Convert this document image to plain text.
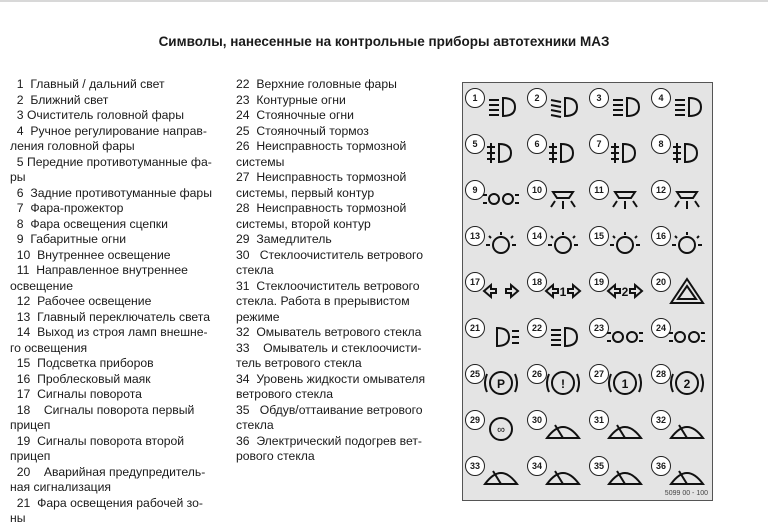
Символы, нанесенные на контрольные приборы автотехники МАЗ

1  Главный / дальний свет

2  Ближний свет

3 Очиститель головной фары

4  Ручное регулирование направ-
ления головной фары

5 Передние противотуманные фа-
ры

6  Задние противотуманные фары

7  Фара-прожектор

8  Фара освещения сцепки

9  Габаритные огни

10  Внутреннее освещение

11  Направленное внутреннее
освещение

12  Рабочее освещение

13  Главный переключатель света

14  Выход из строя ламп внешне-
го освещения

15  Подсветка приборов

16  Проблесковый маяк

17  Сигналы поворота

18    Сигналы поворота первый
прицеп

19  Сигналы поворота второй
прицеп

20    Аварийная предупредитель-
ная сигнализация

21  Фара освещения рабочей зо-
ны

22  Верхние головные фары

23  Контурные огни

24  Стояночные огни

25  Стояночный тормоз

26  Неисправность тормозной
системы

27  Неисправность тормозной
системы, первый контур

28  Неисправность тормозной
системы, второй контур

29  Замедлитель

30   Стеклоочиститель ветрового
стекла

31  Стеклоочиститель ветрового
стекла. Работа в прерывистом
режиме

32  Омыватель ветрового стекла

33    Омыватель и стеклоочисти-
тель ветрового стекла

34  Уровень жидкости омывателя
ветрового стекла

35   Обдув/оттаивание ветрового
стекла

36  Электрический подогрев вет-
рового стекла

5099 00 - 100
1	2	3	4
5	6	7	8
9	10	11	12
13	14	15	16
17	18
1
19
2
20
21	22	23	24
25
P
26
!
27
1
28
2
29
∞
30	31	32
33	34	35	36
